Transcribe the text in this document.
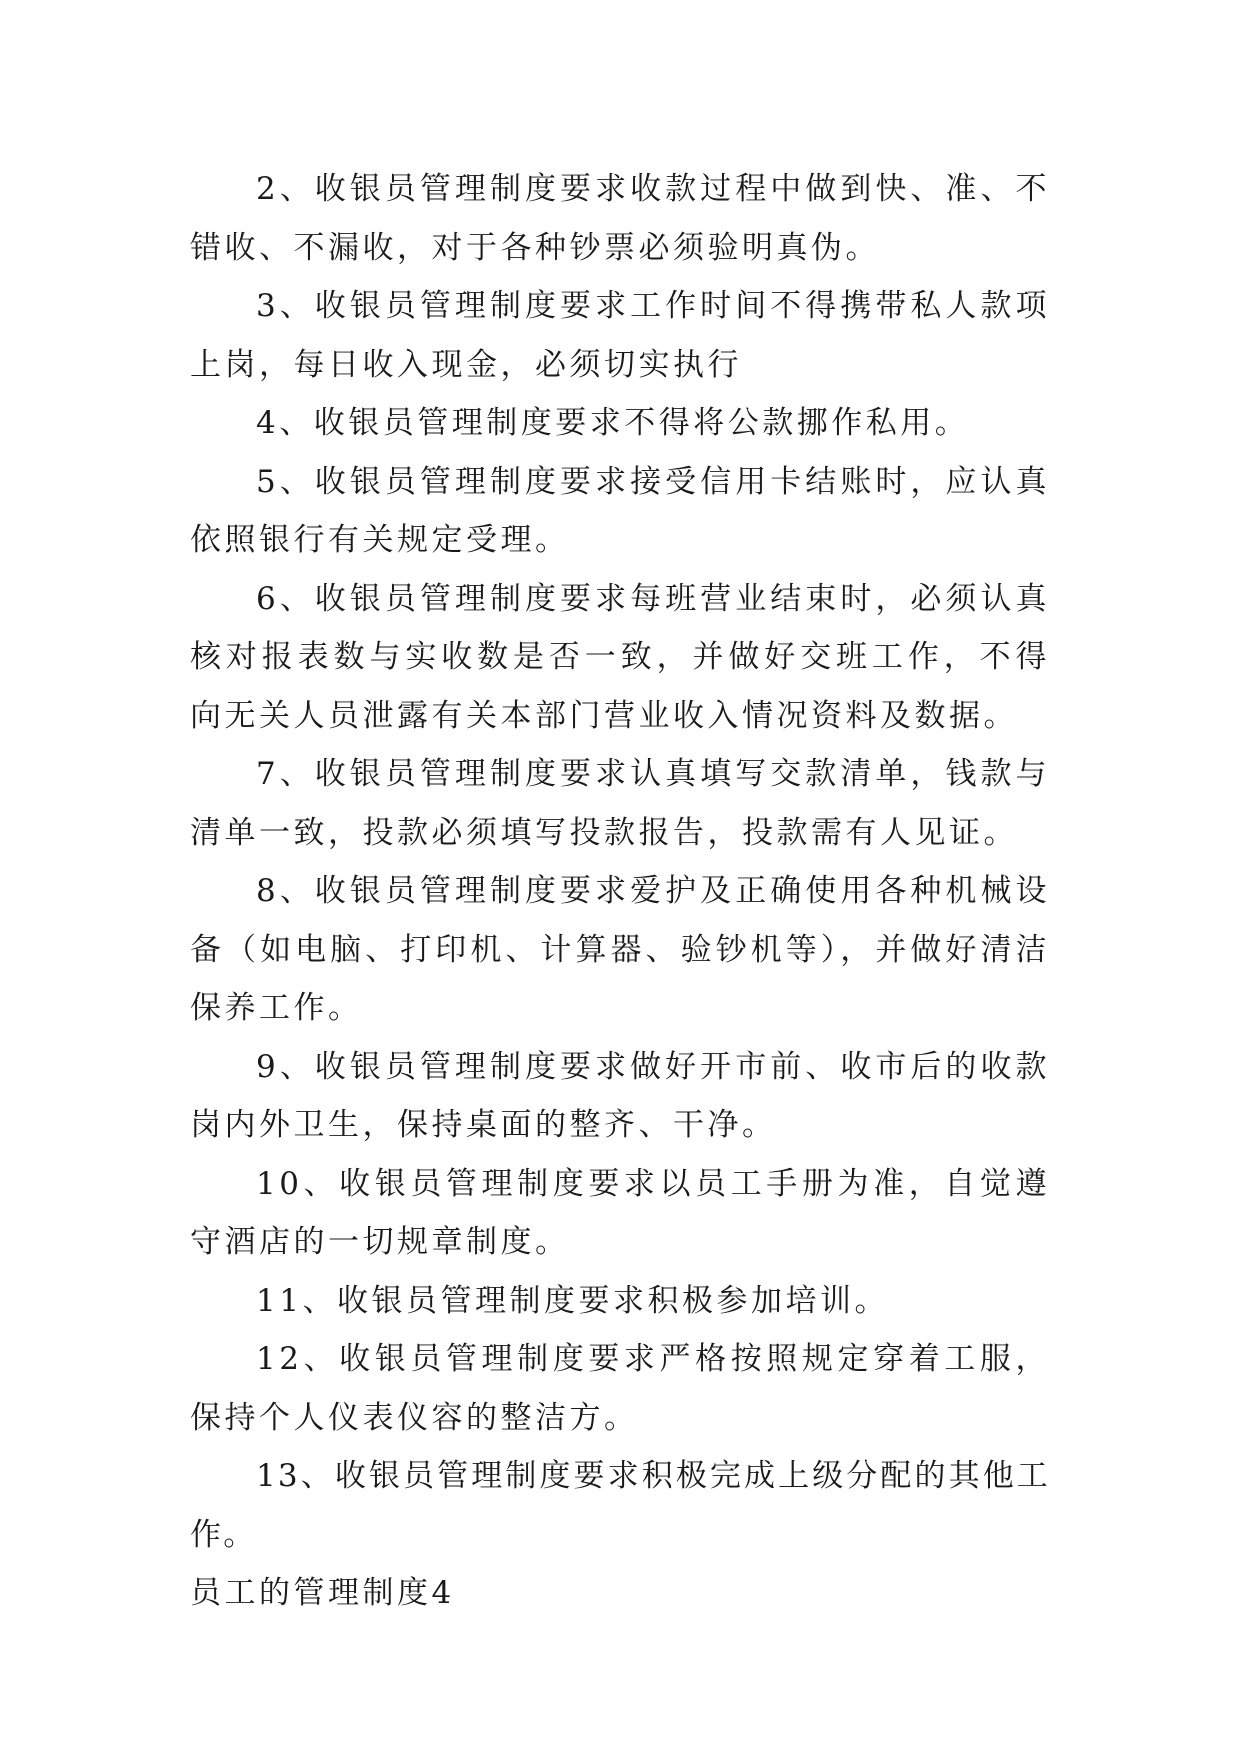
2、收银员管理制度要求收款过程中做到快、准、不错收、不漏收，对于各种钞票必须验明真伪。

3、收银员管理制度要求工作时间不得携带私人款项上岗，每日收入现金，必须切实执行

4、收银员管理制度要求不得将公款挪作私用。

5、收银员管理制度要求接受信用卡结账时，应认真依照银行有关规定受理。

6、收银员管理制度要求每班营业结束时，必须认真核对报表数与实收数是否一致，并做好交班工作，不得向无关人员泄露有关本部门营业收入情况资料及数据。

7、收银员管理制度要求认真填写交款清单，钱款与清单一致，投款必须填写投款报告，投款需有人见证。

8、收银员管理制度要求爱护及正确使用各种机械设备（如电脑、打印机、计算器、验钞机等），并做好清洁保养工作。

9、收银员管理制度要求做好开市前、收市后的收款岗内外卫生，保持桌面的整齐、干净。

10、收银员管理制度要求以员工手册为准，自觉遵守酒店的一切规章制度。

11、收银员管理制度要求积极参加培训。

12、收银员管理制度要求严格按照规定穿着工服，保持个人仪表仪容的整洁方。

13、收银员管理制度要求积极完成上级分配的其他工作。

员工的管理制度4
